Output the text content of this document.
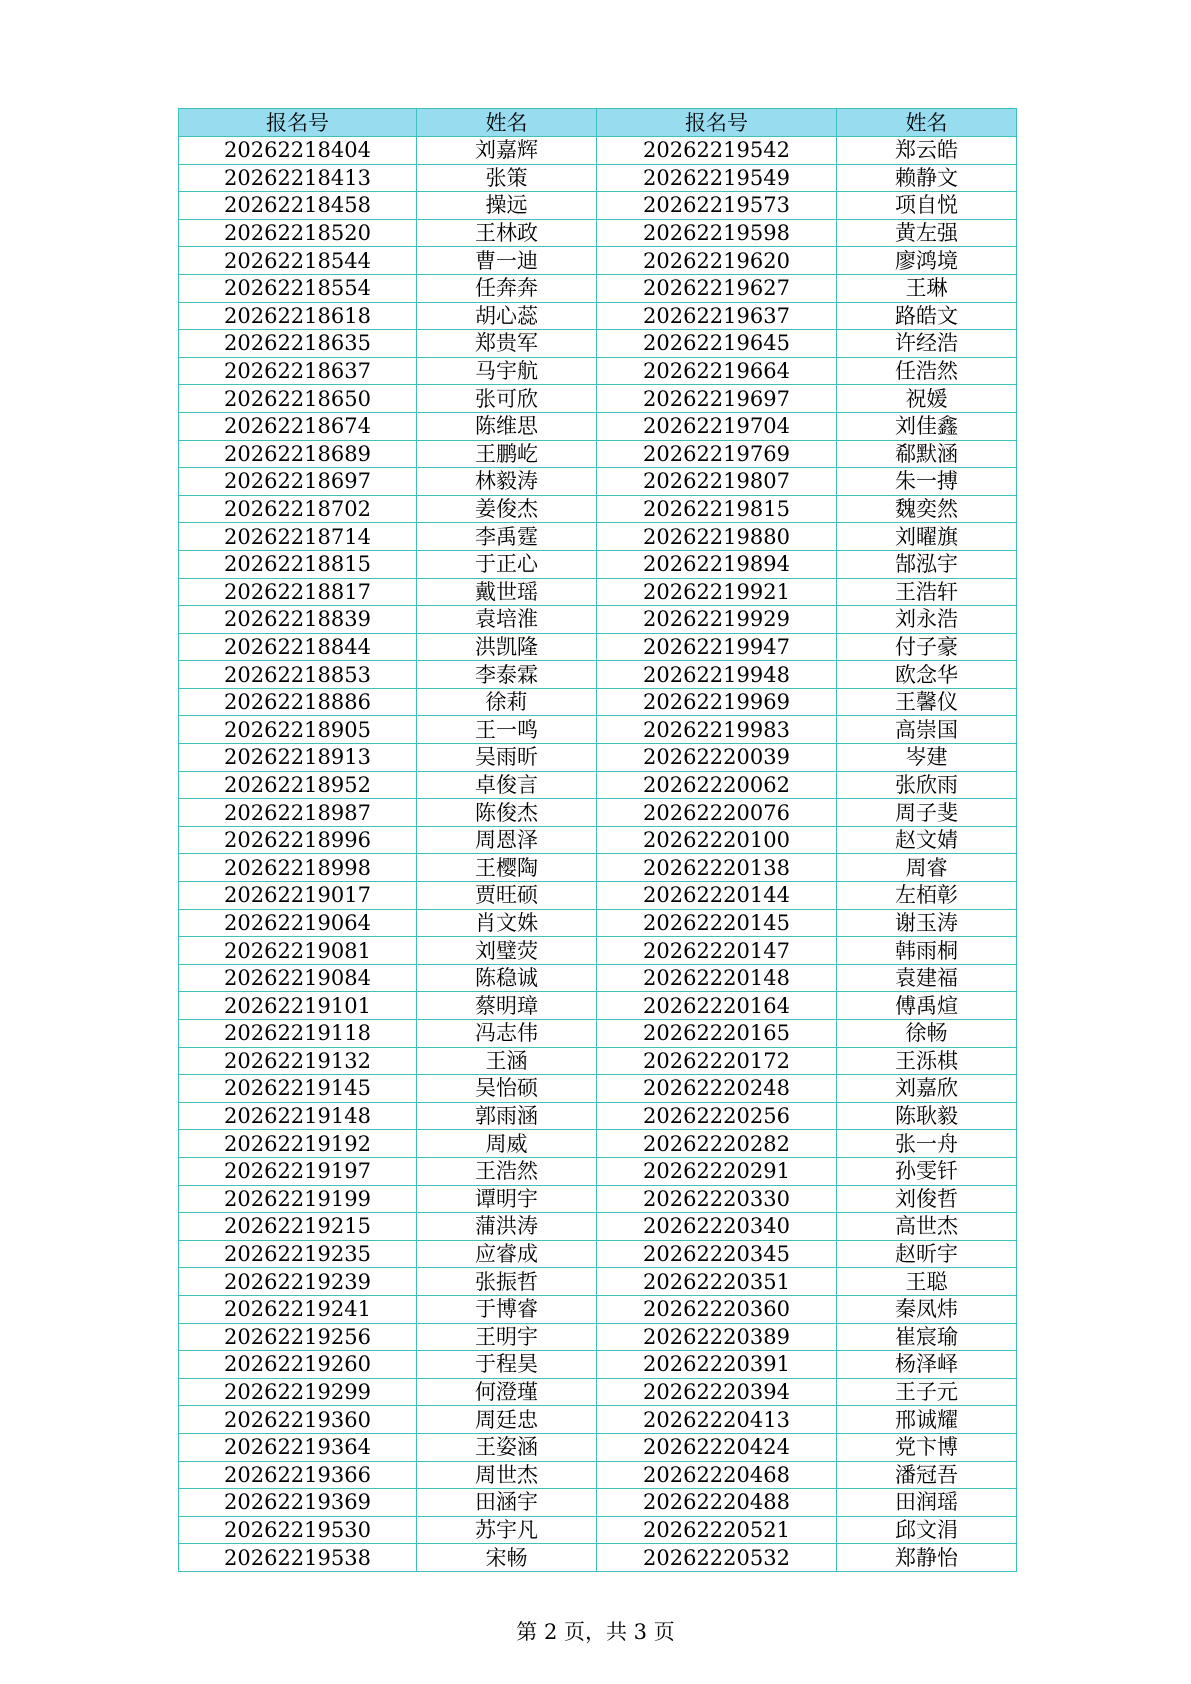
报名号	姓名	报名号	姓名
20262218404	刘嘉辉	20262219542	郑云皓
20262218413	张策	20262219549	赖静文
20262218458	操远	20262219573	项自悦
20262218520	王林政	20262219598	黄左强
20262218544	曹一迪	20262219620	廖鸿境
20262218554	任奔奔	20262219627	王琳
20262218618	胡心蕊	20262219637	路皓文
20262218635	郑贵军	20262219645	许经浩
20262218637	马宇航	20262219664	任浩然
20262218650	张可欣	20262219697	祝媛
20262218674	陈维思	20262219704	刘佳鑫
20262218689	王鹏屹	20262219769	郗默涵
20262218697	林毅涛	20262219807	朱一搏
20262218702	姜俊杰	20262219815	魏奕然
20262218714	李禹霆	20262219880	刘曜旗
20262218815	于正心	20262219894	郜泓宇
20262218817	戴世瑶	20262219921	王浩轩
20262218839	袁培淮	20262219929	刘永浩
20262218844	洪凯隆	20262219947	付子豪
20262218853	李泰霖	20262219948	欧念华
20262218886	徐莉	20262219969	王馨仪
20262218905	王一鸣	20262219983	高崇国
20262218913	吴雨昕	20262220039	岑建
20262218952	卓俊言	20262220062	张欣雨
20262218987	陈俊杰	20262220076	周子斐
20262218996	周恩泽	20262220100	赵文婧
20262218998	王樱陶	20262220138	周睿
20262219017	贾旺硕	20262220144	左栢彰
20262219064	肖文姝	20262220145	谢玉涛
20262219081	刘璧荧	20262220147	韩雨桐
20262219084	陈稳诚	20262220148	袁建福
20262219101	蔡明璋	20262220164	傅禹煊
20262219118	冯志伟	20262220165	徐畅
20262219132	王涵	20262220172	王泺棋
20262219145	吴怡硕	20262220248	刘嘉欣
20262219148	郭雨涵	20262220256	陈耿毅
20262219192	周威	20262220282	张一舟
20262219197	王浩然	20262220291	孙雯钎
20262219199	谭明宇	20262220330	刘俊哲
20262219215	蒲洪涛	20262220340	高世杰
20262219235	应睿成	20262220345	赵昕宇
20262219239	张振哲	20262220351	王聪
20262219241	于博睿	20262220360	秦凤炜
20262219256	王明宇	20262220389	崔宸瑜
20262219260	于程昊	20262220391	杨泽峄
20262219299	何澄瑾	20262220394	王子元
20262219360	周廷忠	20262220413	邢诚耀
20262219364	王姿涵	20262220424	党卞博
20262219366	周世杰	20262220468	潘冠吾
20262219369	田涵宇	20262220488	田润瑶
20262219530	苏宇凡	20262220521	邱文涓
20262219538	宋畅	20262220532	郑静怡
第 2 页，共 3 页
